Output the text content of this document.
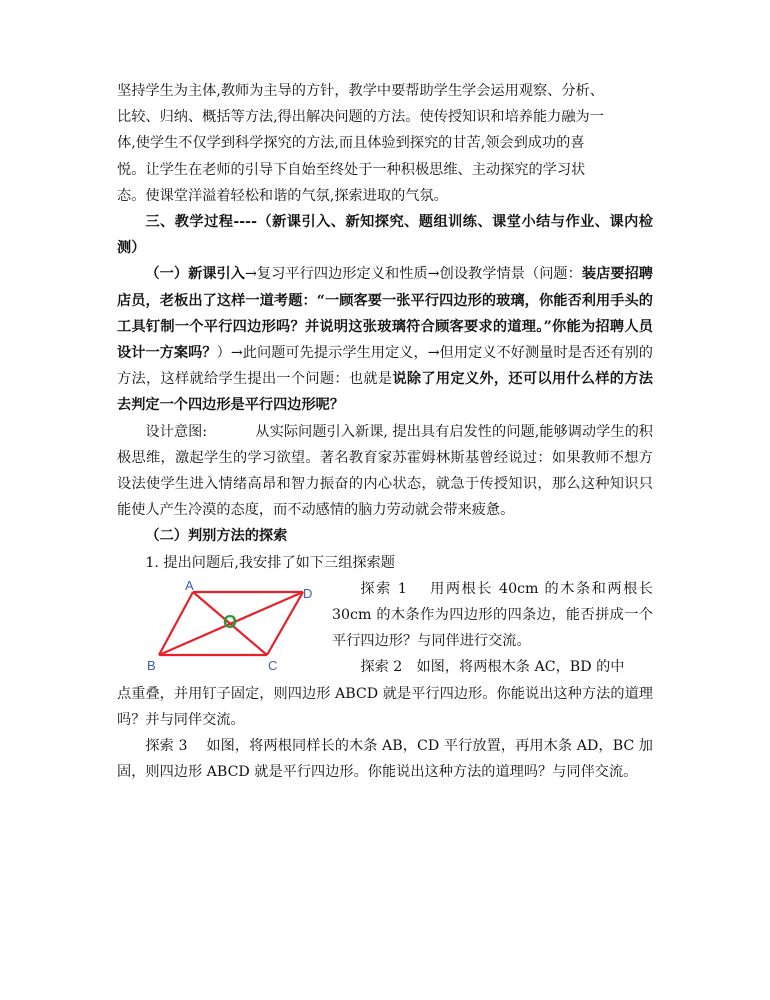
坚持学生为主体,教师为主导的方针，教学中要帮助学生学会运用观察、分析、
比较、归纳、概括等方法,得出解决问题的方法。使传授知识和培养能力融为一
体,使学生不仅学到科学探究的方法,而且体验到探究的甘苦,领会到成功的喜
悦。让学生在老师的引导下自始至终处于一种积极思维、主动探究的学习状
态。使课堂洋溢着轻松和谐的气氛,探索进取的气氛。

三、教学过程----（新课引入、新知探究、题组训练、课堂小结与作业、课内检测）

（一）新课引入→复习平行四边形定义和性质→创设教学情景（问题：装店要招聘店员，老板出了这样一道考题：“一顾客要一张平行四边形的玻璃，你能否利用手头的工具钉制一个平行四边形吗？并说明这张玻璃符合顾客要求的道理。”你能为招聘人员设计一方案吗？）→此问题可先提示学生用定义，→但用定义不好测量时是否还有别的方法，这样就给学生提出一个问题：也就是说除了用定义外，还可以用什么样的方法去判定一个四边形是平行四边形呢？

设计意图:	从实际问题引入新课, 提出具有启发性的问题,能够调动学生的积极思维，激起学生的学习欲望。著名教育家苏霍姆林斯基曾经说过：如果教师不想方设法使学生进入情绪高昂和智力振奋的内心状态，就急于传授知识，那么这种知识只能使人产生冷漠的态度，而不动感情的脑力劳动就会带来疲惫。

（二）判别方法的探索

1. 提出问题后,我安排了如下三组探索题

A
D
B	C
O

探索 1　 用两根长 40cm 的木条和两根长 30cm 的木条作为四边形的四条边，能否拼成一个平行四边形？与同伴进行交流。

探索 2　如图，将两根木条 AC，BD 的中

点重叠，并用钉子固定，则四边形 ABCD 就是平行四边形。你能说出这种方法的道理吗？并与同伴交流。

探索 3　 如图，将两根同样长的木条 AB，CD 平行放置，再用木条 AD，BC 加固，则四边形 ABCD 就是平行四边形。你能说出这种方法的道理吗？与同伴交流。
